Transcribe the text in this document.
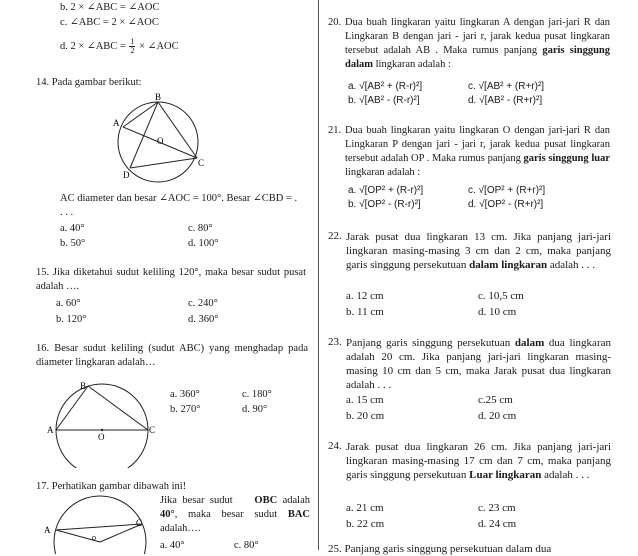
b. 2 × ∠ABC = ∠AOC
c. ∠ABC = 2 × ∠AOC
d. 2 × ∠ABC = $\frac{1}{2}$ × ∠AOC
14. Pada gambar berikut:
B
A
O
D
C
AC diameter dan besar ∠AOC = 100°. Besar ∠CBD = . . . .
a. 40°	c. 80°
b. 50°	d. 100°
15. Jika diketahui sudut keliling 120°, maka besar sudut pusat adalah ….
a. 60°	c. 240°
b. 120°	d. 360°
16. Besar sudut keliling (sudut ABC) yang menghadap pada diameter lingkaran adalah…
B
A
O
C
a. 360°	c. 180°
b. 270°	d. 90°
17. Perhatikan gambar dibawah ini!
A
C
o
Jika besar sudut OBC adalah 40°, maka besar sudut BAC adalah….
a. 40°	c. 80°
20. Dua buah lingkaran yaitu lingkaran A dengan jari-jari R dan Lingkaran B dengan jari - jari r, jarak kedua pusat lingkaran tersebut adalah AB . Maka rumus panjang garis singgung dalam lingkaran adalah :
a. √[AB² + (R-r)²]	c. √[AB² + (R+r)²]
b. √[AB² - (R-r)²]	d. √[AB² - (R+r)²]
21. Dua buah lingkaran yaitu lingkaran O dengan jari-jari R dan Lingkaran P dengan jari - jari r, jarak kedua pusat lingkaran tersebut adalah OP . Maka rumus panjang garis singgung luar lingkaran adalah :
a. √[OP² + (R-r)²]	c. √[OP² + (R+r)²]
b. √[OP² - (R-r)²]	d. √[OP² - (R+r)²]
22. Jarak pusat dua lingkaran 13 cm. Jika panjang jari-jari lingkaran masing-masing 3 cm dan 2 cm, maka panjang garis singgung persekutuan dalam lingkaran adalah . . .
a. 12 cm	c. 10,5 cm
b. 11 cm	d. 10 cm
23. Panjang garis singgung persekutuan dalam dua lingkaran adalah 20 cm. Jika panjang jari-jari lingkaran masing-masing 10 cm dan 5 cm, maka Jarak pusat dua lingkaran adalah . . .
a. 15 cm	c.25 cm
b. 20 cm	d. 20 cm
24. Jarak pusat dua lingkaran 26 cm. Jika panjang jari-jari lingkaran masing-masing 17 cm dan 7 cm, maka panjang garis singgung persekutuan Luar lingkaran adalah . . .
a. 21 cm	c. 23 cm
b. 22 cm	d. 24 cm
25. Panjang garis singgung persekutuan dalam dua
